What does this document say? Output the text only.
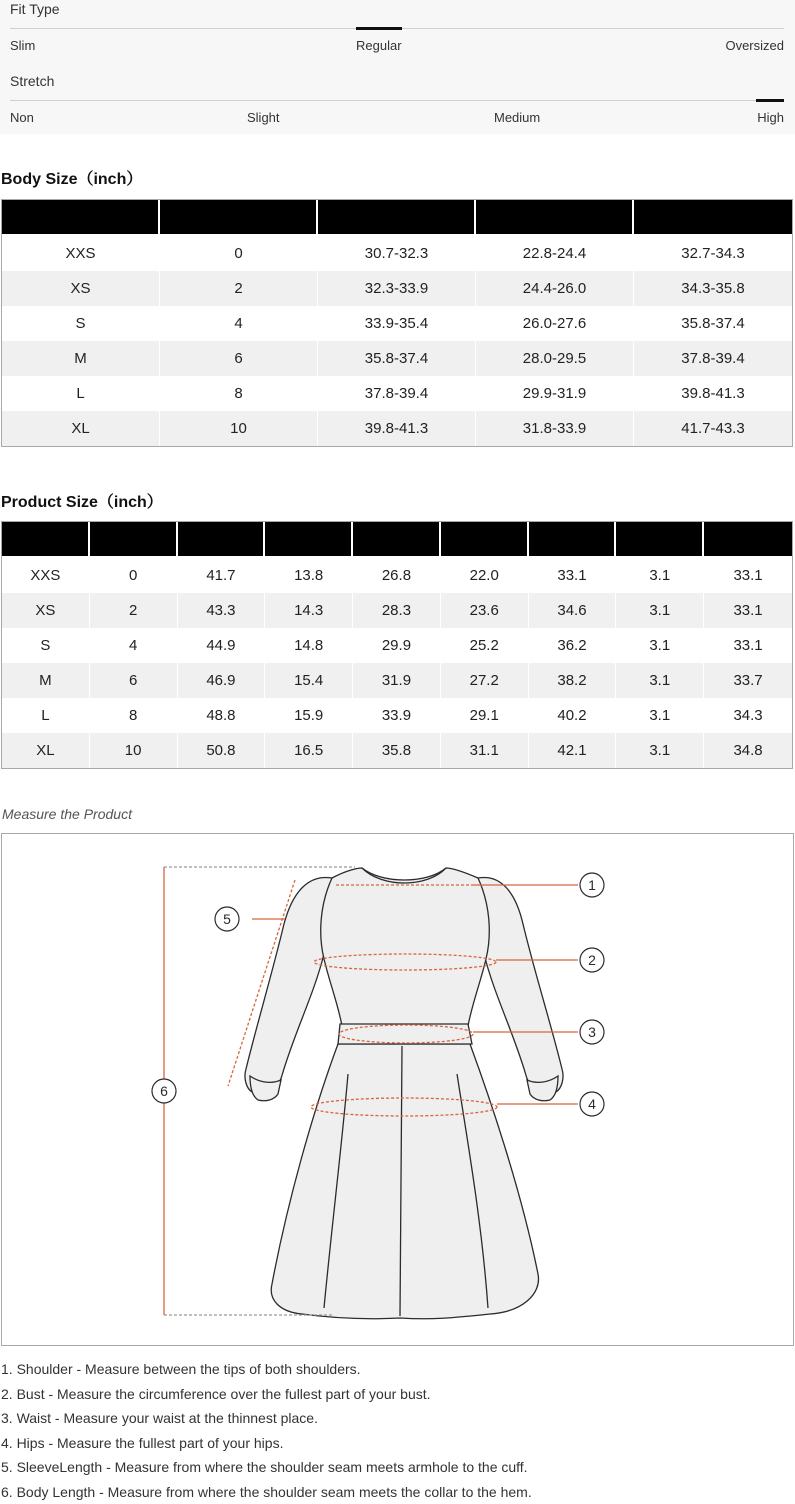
Fit Type
Slim	Regular	Oversized
Stretch
Non	Slight	Medium	High
Body Size（inch）

XXS	0	30.7-32.3	22.8-24.4	32.7-34.3
XS	2	32.3-33.9	24.4-26.0	34.3-35.8
S	4	33.9-35.4	26.0-27.6	35.8-37.4
M	6	35.8-37.4	28.0-29.5	37.8-39.4
L	8	37.8-39.4	29.9-31.9	39.8-41.3
XL	10	39.8-41.3	31.8-33.9	41.7-43.3
Product Size（inch）

XXS	0	41.7	13.8	26.8	22.0	33.1	3.1	33.1
XS	2	43.3	14.3	28.3	23.6	34.6	3.1	33.1
S	4	44.9	14.8	29.9	25.2	36.2	3.1	33.1
M	6	46.9	15.4	31.9	27.2	38.2	3.1	33.7
L	8	48.8	15.9	33.9	29.1	40.2	3.1	34.3
XL	10	50.8	16.5	35.8	31.1	42.1	3.1	34.8
Measure the Product
1
2
3
4
5
6
1. Shoulder - Measure between the tips of both shoulders.
2. Bust - Measure the circumference over the fullest part of your bust.
3. Waist - Measure your waist at the thinnest place.
4. Hips - Measure the fullest part of your hips.
5. SleeveLength - Measure from where the shoulder seam meets armhole to the cuff.
6. Body Length - Measure from where the shoulder seam meets the collar to the hem.
